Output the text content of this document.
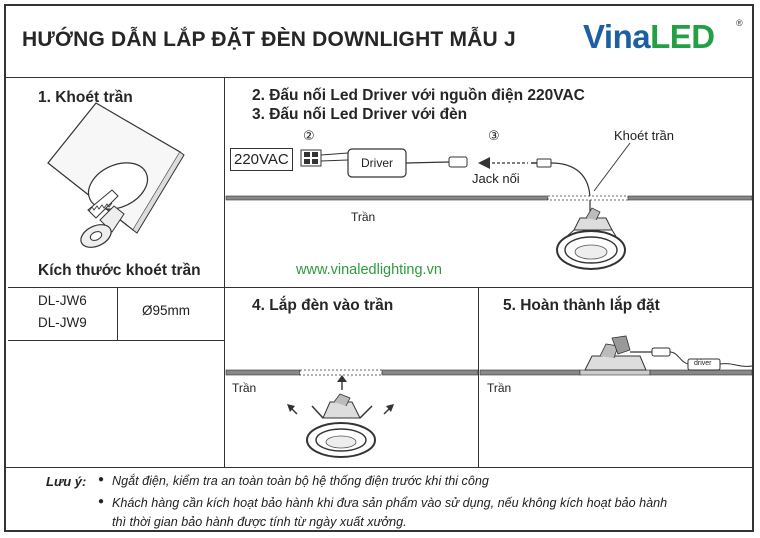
HƯỚNG DẪN LẮP ĐẶT ĐÈN DOWNLIGHT MẪU J VinaLED ®
1. Khoét trần
Kích thước khoét trần
DL-JW6
DL-JW9
Ø95mm
2. Đấu nối Led Driver với nguồn điện 220VAC
3. Đấu nối Led Driver với đèn
②	③
220VAC	Driver
Jack nối
Khoét trần
Trần
www.vinaledlighting.vn
4. Lắp đèn vào trần
Trần
5. Hoàn thành lắp đặt
driver
Trần
Lưu ý: ● Ngắt điện, kiểm tra an toàn toàn bộ hệ thống điện trước khi thi công
● Khách hàng cần kích hoạt bảo hành khi đưa sản phẩm vào sử dụng, nếu không kích hoạt bảo hành
thì thời gian bảo hành được tính từ ngày xuất xưởng.
